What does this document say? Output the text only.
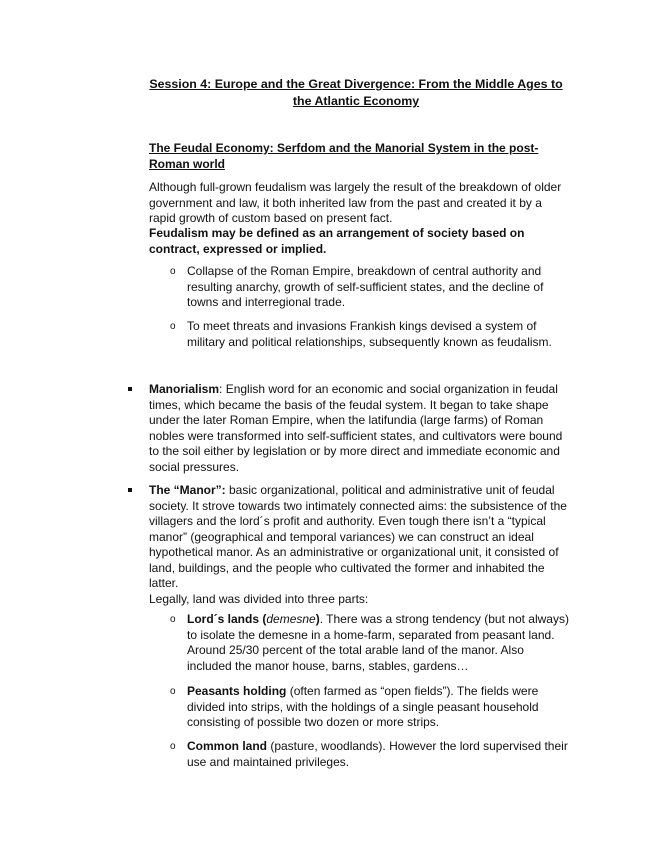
Session 4: Europe and the Great Divergence: From the Middle Ages to the Atlantic Economy
The Feudal Economy: Serfdom and the Manorial System in the post-Roman world
Although full-grown feudalism was largely the result of the breakdown of older government and law, it both inherited law from the past and created it by a rapid growth of custom based on present fact.
Feudalism may be defined as an arrangement of society based on contract, expressed or implied.
o Collapse of the Roman Empire, breakdown of central authority and resulting anarchy, growth of self-sufficient states, and the decline of towns and interregional trade.
o To meet threats and invasions Frankish kings devised a system of military and political relationships, subsequently known as feudalism.
Manorialism: English word for an economic and social organization in feudal times, which became the basis of the feudal system. It began to take shape under the later Roman Empire, when the latifundia (large farms) of Roman nobles were transformed into self-sufficient states, and cultivators were bound to the soil either by legislation or by more direct and immediate economic and social pressures.
The “Manor”: basic organizational, political and administrative unit of feudal society. It strove towards two intimately connected aims: the subsistence of the villagers and the lord´s profit and authority. Even tough there isn’t a “typical manor” (geographical and temporal variances) we can construct an ideal hypothetical manor. As an administrative or organizational unit, it consisted of land, buildings, and the people who cultivated the former and inhabited the latter.
Legally, land was divided into three parts:
o Lord´s lands (demesne). There was a strong tendency (but not always) to isolate the demesne in a home-farm, separated from peasant land. Around 25/30 percent of the total arable land of the manor. Also included the manor house, barns, stables, gardens…
o Peasants holding (often farmed as “open fields”). The fields were divided into strips, with the holdings of a single peasant household consisting of possible two dozen or more strips.
o Common land (pasture, woodlands). However the lord supervised their use and maintained privileges.
